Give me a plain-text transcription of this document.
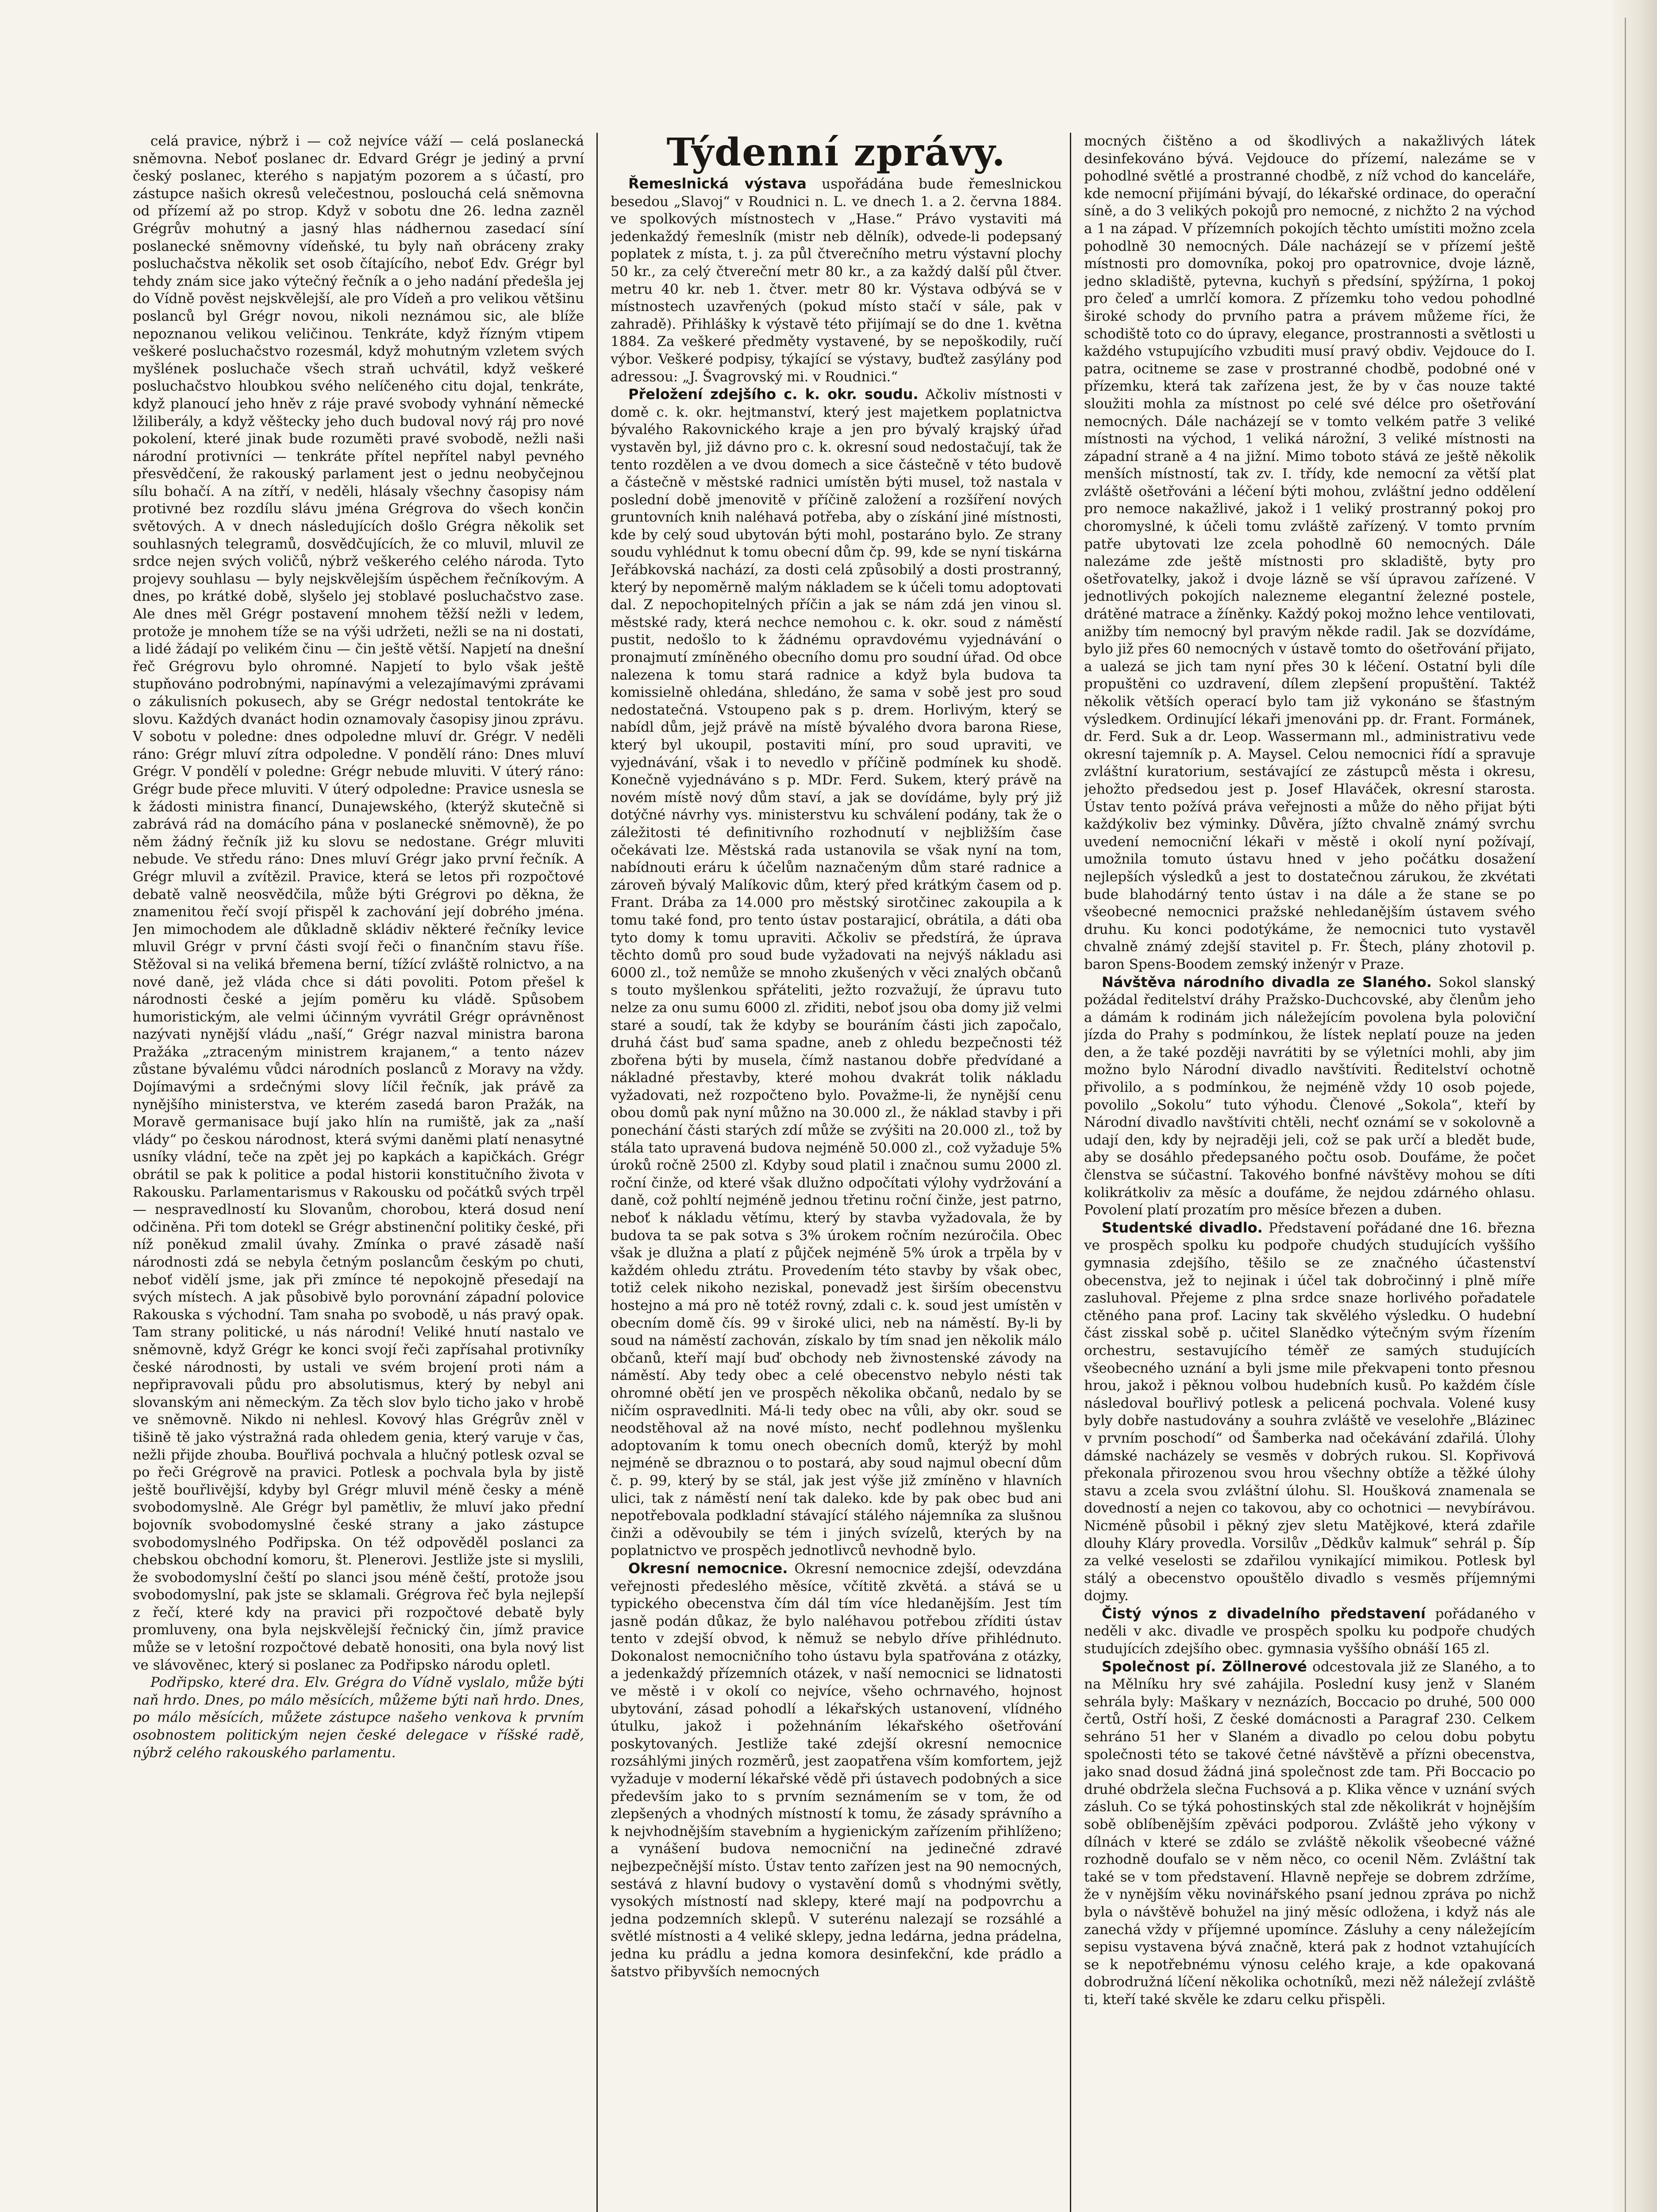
celá pravice, nýbrž i — což nejvíce váží — celá poslanecká sněmovna. Neboť poslanec dr. Edvard Grégr je jediný a první český poslanec, kterého s napjatým pozorem a s účastí, pro zástupce našich okresů velečestnou, poslouchá celá sněmovna od přízemí až po strop. Když v sobotu dne 26. ledna zazněl Grégrův mohutný a jasný hlas nádhernou zasedací síní poslanecké sněmovny vídeňské, tu byly naň obráceny zraky posluchačstva několik set osob čítajícího, neboť Edv. Grégr byl tehdy znám sice jako výtečný řečník a o jeho nadání předešla jej do Vídně pověst nejskvělejší, ale pro Vídeň a pro velikou většinu poslanců byl Grégr novou, nikoli neznámou sic, ale blíže nepoznanou velikou veličinou. Tenkráte, když řízným vtipem veškeré posluchačstvo rozesmál, když mohutným vzletem svých myšlének posluchače všech straň uchvátil, když veškeré posluchačstvo hloubkou svého nelíčeného citu dojal, tenkráte, když planoucí jeho hněv z ráje pravé svobody vyhnání německé lžiliberály, a když věštecky jeho duch budoval nový ráj pro nové pokolení, které jinak bude rozuměti pravé svobodě, nežli naši národní protivníci — tenkráte přítel nepřítel nabyl pevného přesvědčení, že rakouský parlament jest o jednu neobyčejnou sílu bohačí. A na zítří, v neděli, hlásaly všechny časopisy nám protivné bez rozdílu slávu jména Grégrova do všech končin světových. A v dnech následujících došlo Grégra několik set souhlasných telegramů, dosvědčujících, že co mluvil, mluvil ze srdce nejen svých voličů, nýbrž veškerého celého národa. Tyto projevy souhlasu — byly nejskvělejším úspěchem řečníkovým. A dnes, po krátké době, slyšelo jej stoblavé posluchačstvo zase. Ale dnes měl Grégr postavení mnohem těžší nežli v ledem, protože je mnohem tíže se na výši udržeti, nežli se na ni dostati, a lidé žádají po velikém činu — čin ještě větší. Napjetí na dnešní řeč Grégrovu bylo ohromné. Napjetí to bylo však ještě stupňováno podrobnými, napínavými a velezajímavými zprávami o zákulisních pokusech, aby se Grégr nedostal tentokráte ke slovu. Každých dvanáct hodin oznamovaly časopisy jinou zprávu. V sobotu v poledne: dnes odpoledne mluví dr. Grégr. V neděli ráno: Grégr mluví zítra odpoledne. V pondělí ráno: Dnes mluví Grégr. V pondělí v poledne: Grégr nebude mluviti. V úterý ráno: Grégr bude přece mluviti. V úterý odpoledne: Pravice usnesla se k žádosti ministra financí, Dunajewského, (kterýž skutečně si zabrává rád na domácího pána v poslanecké sněmovně), že po něm žádný řečník již ku slovu se nedostane. Grégr mluviti nebude. Ve středu ráno: Dnes mluví Grégr jako první řečník. A Grégr mluvil a zvítězil. Pravice, která se letos při rozpočtové debatě valně neosvědčila, může býti Grégrovi po děkna, že znamenitou řečí svojí přispěl k zachování její dobrého jména. Jen mimochodem ale důkladně skládiv některé řečníky levice mluvil Grégr v první části svojí řeči o finančním stavu říše. Stěžoval si na veliká břemena berní, tížící zvláště rolnictvo, a na nové daně, jež vláda chce si dáti povoliti. Potom přešel k národnosti české a jejím poměru ku vládě. Spůsobem humoristickým, ale velmi účinným vyvrátil Grégr oprávněnost nazývati nynější vládu „naší,“ Grégr nazval ministra barona Pražáka „ztraceným ministrem krajanem,“ a tento název zůstane bývalému vůdci národních poslanců z Moravy na vždy. Dojímavými a srdečnými slovy líčil řečník, jak právě za nynějšího ministerstva, ve kterém zasedá baron Pražák, na Moravě germanisace bují jako hlín na rumiště, jak za „naší vlády“ po českou národnost, která svými daněmi platí nenasytné usníky vládní, teče na zpět jej po kapkách a kapičkách. Grégr obrátil se pak k politice a podal historii konstitučního života v Rakousku. Parlamentarismus v Rakousku od počátků svých trpěl — nespravedlností ku Slovanům, chorobou, která dosud není odčiněna. Při tom dotekl se Grégr abstinenční politiky české, při níž poněkud zmalil úvahy. Zmínka o pravé zásadě naší národnosti zdá se nebyla četným poslancům českým po chuti, neboť vidělí jsme, jak při zmínce té nepokojně přesedají na svých místech. A jak působivě bylo porovnání západní polovice Rakouska s východní. Tam snaha po svobodě, u nás pravý opak. Tam strany politické, u nás národní! Veliké hnutí nastalo ve sněmovně, když Grégr ke konci svojí řeči zapřísahal protivníky české národnosti, by ustali ve svém brojení proti nám a nepřipravovali půdu pro absolutismus, který by nebyl ani slovanským ani německým. Za těch slov bylo ticho jako v hrobě ve sněmovně. Nikdo ni nehlesl. Kovový hlas Grégrův zněl v tišině tě jako výstražná rada ohledem genia, který varuje v čas, nežli přijde zhouba. Bouřlivá pochvala a hlučný potlesk ozval se po řeči Grégrově na pravici. Potlesk a pochvala byla by jistě ještě bouřlivější, kdyby byl Grégr mluvil méně česky a méně svobodomyslně. Ale Grégr byl pamětliv, že mluví jako přední bojovník svobodomyslné české strany a jako zástupce svobodomyslného Podřipska. On též odpověděl poslanci za chebskou obchodní komoru, št. Plenerovi. Jestliže jste si myslili, že svobodomyslní čeští po slanci jsou méně čeští, protože jsou svobodomyslní, pak jste se sklamali. Grégrova řeč byla nejlepší z řečí, které kdy na pravici při rozpočtové debatě byly promluveny, ona byla nejskvělejší řečnický čin, jímž pravice může se v letošní rozpočtové debatě honositi, ona byla nový list ve slávověnec, který si poslanec za Podřipsko národu opletl.

Podřipsko, které dra. Elv. Grégra do Vídně vyslalo, může býti naň hrdo. Dnes, po málo měsících, můžeme býti naň hrdo. Dnes, po málo měsících, můžete zástupce našeho venkova k prvním osobnostem politickým nejen české delegace v říšské radě, nýbrž celého rakouského parlamentu.

Týdenní zprávy.

Řemeslnická výstava uspořádána bude řemeslnickou besedou „Slavoj“ v Roudnici n. L. ve dnech 1. a 2. června 1884. ve spolkových místnostech v „Hase.“ Právo vystaviti má jedenkaždý řemeslník (mistr neb dělník), odvede-li podepsaný poplatek z místa, t. j. za půl čtverečního metru výstavní plochy 50 kr., za celý čtvereční metr 80 kr., a za každý další půl čtver. metru 40 kr. neb 1. čtver. metr 80 kr. Výstava odbývá se v místnostech uzavřených (pokud místo stačí v sále, pak v zahradě). Přihlášky k výstavě této přijímají se do dne 1. května 1884. Za veškeré předměty vystavené, by se nepoškodily, ručí výbor. Veškeré podpisy, týkající se výstavy, buďtež zasýlány pod adressou: „J. Švagrovský mi. v Roudnici.“

Přeložení zdejšího c. k. okr. soudu. Ačkoliv místnosti v domě c. k. okr. hejtmanství, který jest majetkem poplatnictva bývalého Rakovnického kraje a jen pro bývalý krajský úřad vystavěn byl, již dávno pro c. k. okresní soud nedostačují, tak že tento rozdělen a ve dvou domech a sice částečně v této budově a částečně v městské radnici umístěn býti musel, tož nastala v poslední době jmenovitě v příčině založení a rozšíření nových gruntovních knih naléhavá potřeba, aby o získání jiné místnosti, kde by celý soud ubytován býti mohl, postaráno bylo. Ze strany soudu vyhlédnut k tomu obecní dům čp. 99, kde se nyní tiskárna Jeřábkovská nachází, za dosti celá způsobilý a dosti prostranný, který by nepoměrně malým nákladem se k účeli tomu adoptovati dal. Z nepochopitelných příčin a jak se nám zdá jen vinou sl. městské rady, která nechce nemohou c. k. okr. soud z náměstí pustit, nedošlo to k žádnému opravdovému vyjednávání o pronajmutí zmíněného obecního domu pro soudní úřad. Od obce nalezena k tomu stará radnice a když byla budova ta komissielně ohledána, shledáno, že sama v sobě jest pro soud nedostatečná. Vstoupeno pak s p. drem. Horlivým, který se nabídl dům, jejž právě na místě bývalého dvora barona Riese, který byl ukoupil, postaviti míní, pro soud upraviti, ve vyjednávání, však i to nevedlo v příčině podmínek ku shodě. Konečně vyjednáváno s p. MDr. Ferd. Sukem, který právě na novém místě nový dům staví, a jak se dovídáme, byly prý již dotýčné návrhy vys. ministerstvu ku schválení podány, tak že o záležitosti té definitivního rozhodnutí v nejbližším čase očekávati lze. Městská rada ustanovila se však nyní na tom, nabídnouti eráru k účelům naznačeným dům staré radnice a zároveň bývalý Malíkovic dům, který před krátkým časem od p. Frant. Drába za 14.000 pro městský sirotčinec zakoupila a k tomu také fond, pro tento ústav postarajicí, obrátila, a dáti oba tyto domy k tomu upraviti. Ačkoliv se předstírá, že úprava těchto domů pro soud bude vyžadovati na nejvýš nákladu asi 6000 zl., tož nemůže se mnoho zkušených v věci znalých občanů s touto myšlenkou spřáteliti, ježto rozvažují, že úpravu tuto nelze za onu sumu 6000 zl. zřiditi, neboť jsou oba domy již velmi staré a soudí, tak že kdyby se bouráním části jich započalo, druhá část buď sama spadne, aneb z ohledu bezpečnosti též zbořena býti by musela, čímž nastanou dobře předvídané a nákladné přestavby, které mohou dvakrát tolik nákladu vyžadovati, než rozpočteno bylo. Považme-li, že nynější cenu obou domů pak nyní můžno na 30.000 zl., že náklad stavby i při ponechání části starých zdí může se zvýšiti na 20.000 zl., tož by stála tato upravená budova nejméně 50.000 zl., což vyžaduje 5% úroků ročně 2500 zl. Kdyby soud platil i značnou sumu 2000 zl. roční činže, od které však dlužno odpočítati výlohy vydržování a daně, což pohltí nejméně jednou třetinu roční činže, jest patrno, neboť k nákladu větímu, který by stavba vyžadovala, že by budova ta se pak sotva s 3% úrokem ročním nezúročila. Obec však je dlužna a platí z půjček nejméně 5% úrok a trpěla by v každém ohledu ztrátu. Provedením této stavby by však obec, totiž celek nikoho neziskal, ponevadž jest širším obecenstvu hostejno a má pro ně totéž rovný, zdali c. k. soud jest umístěn v obecním domě čís. 99 v široké ulici, neb na náměstí. By-li by soud na náměstí zachován, získalo by tím snad jen několik málo občanů, kteří mají buď obchody neb živnostenské závody na náměstí. Aby tedy obec a celé obecenstvo nebylo nésti tak ohromné obětí jen ve prospěch několika občanů, nedalo by se ničím ospravedlniti. Má-li tedy obec na vůli, aby okr. soud se neodstěhoval až na nové místo, nechť podlehnou myšlenku adoptovaním k tomu onech obecních domů, kterýž by mohl nejméně se dbraznou o to postará, aby soud najmul obecní dům č. p. 99, který by se stál, jak jest výše již zmíněno v hlavních ulici, tak z náměstí není tak daleko. kde by pak obec bud ani nepotřebovala podkladní stávající stálého nájemníka za slušnou činži a oděvoubily se tém i jiných svízelů, kterých by na poplatnictvo ve prospěch jednotlivců nevhodně bylo.

Okresní nemocnice. Okresní nemocnice zdejší, odevzdána veřejnosti předeslého měsíce, včítitě zkvětá. a stává se u typického obecenstva čím dál tím více hledanějším. Jest tím jasně podán důkaz, že bylo naléhavou potřebou zříditi ústav tento v zdejší obvod, k němuž se nebylo dříve přihlédnuto. Dokonalost nemocničního toho ústavu byla spatřována z otázky, a jedenkaždý přízemních otázek, v naší nemocnici se lidnatosti ve městě i v okolí co nejvíce, všeho ochrnavého, hojnost ubytování, zásad pohodlí a lékařských ustanovení, vlídného útulku, jakož i požehnáním lékařského ošetřování poskytovaných. Jestliže také zdejší okresní nemocnice rozsáhlými jiných rozměrů, jest zaopatřena vším komfortem, jejž vyžaduje v moderní lékařské vědě při ústavech podobných a sice především jako to s prvním seznámením se v tom, že od zlepšených a vhodných místností k tomu, že zásady správního a k nejvhodnějším stavebním a hygienickým zařízením přihlíženo; a vynášení budova nemocniční na jedinečné zdravé nejbezpečnější místo. Ústav tento zařízen jest na 90 nemocných, sestává z hlavní budovy o vystavění domů s vhodnými světly, vysokých místností nad sklepy, které mají na podpovrchu a jedna podzemních sklepů. V suterénu nalezají se rozsáhlé a světlé místnosti a 4 veliké sklepy, jedna ledárna, jedna prádelna, jedna ku prádlu a jedna komora desinfekční, kde prádlo a šatstvo přibyvších nemocných

mocných čištěno a od škodlivých a nakažlivých látek desinfekováno bývá. Vejdouce do přízemí, nalezáme se v pohodlné světlé a prostranné chodbě, z níž vchod do kanceláře, kde nemocní přijímáni bývají, do lékařské ordinace, do operační síně, a do 3 velikých pokojů pro nemocné, z nichžto 2 na východ a 1 na západ. V přízemních pokojích těchto umístiti možno zcela pohodlně 30 nemocných. Dále nacházejí se v přízemí ještě místnosti pro domovníka, pokoj pro opatrovnice, dvoje lázně, jedno skladiště, pytevna, kuchyň s předsíní, spýžírna, 1 pokoj pro čeleď a umrlčí komora. Z přízemku toho vedou pohodlné široké schody do prvního patra a právem můžeme říci, že schodiště toto co do úpravy, elegance, prostrannosti a světlosti u každého vstupujícího vzbuditi musí pravý obdiv. Vejdouce do I. patra, ocitneme se zase v prostranné chodbě, podobné oné v přízemku, která tak zařízena jest, že by v čas nouze takté sloužiti mohla za místnost po celé své délce pro ošetřování nemocných. Dále nacházejí se v tomto velkém patře 3 veliké místnosti na východ, 1 veliká nárožní, 3 veliké místnosti na západní straně a 4 na jižní. Mimo toboto stává ze ještě několik menších místností, tak zv. I. třídy, kde nemocní za větší plat zvláště ošetřováni a léčení býti mohou, zvláštní jedno oddělení pro nemoce nakažlivé, jakož i 1 veliký prostranný pokoj pro choromyslné, k účeli tomu zvláště zařízený. V tomto prvním patře ubytovati lze zcela pohodlně 60 nemocných. Dále nalezáme zde ještě místnosti pro skladiště, byty pro ošetřovatelky, jakož i dvoje lázně se vší úpravou zařízené. V jednotlivých pokojích nalezneme elegantní železné postele, drátěné matrace a žíněnky. Každý pokoj možno lehce ventilovati, anižby tím nemocný byl pravým někde radil. Jak se dozvídáme, bylo již přes 60 nemocných v ústavě tomto do ošetřování přijato, a ualezá se jich tam nyní přes 30 k léčení. Ostatní byli díle propuštěni co uzdravení, dílem zlepšení propuštění. Taktéž několik větších operací bylo tam již vykonáno se šťastným výsledkem. Ordinující lékaři jmenováni pp. dr. Frant. Formánek, dr. Ferd. Suk a dr. Leop. Wassermann ml., administrativu vede okresní tajemník p. A. Maysel. Celou nemocnici řídí a spravuje zvláštní kuratorium, sestávající ze zástupců města i okresu, jehožto předsedou jest p. Josef Hlaváček, okresní starosta. Ústav tento požívá práva veřejnosti a může do něho přijat býti každýkoliv bez výminky. Důvěra, jížto chvalně známý svrchu uvedení nemocniční lékaři v městě i okolí nyní požívají, umožnila tomuto ústavu hned v jeho počátku dosažení nejlepších výsledků a jest to dostatečnou zárukou, že zkvétati bude blahodárný tento ústav i na dále a že stane se po všeobecné nemocnici pražské nehledanějším ústavem svého druhu. Ku konci podotýkáme, že nemocnici tuto vystavěl chvalně známý zdejší stavitel p. Fr. Štech, plány zhotovil p. baron Spens-Boodem zemský inženýr v Praze.

Návštěva národního divadla ze Slaného. Sokol slanský požádal ředitelství dráhy Pražsko-Duchcovské, aby členům jeho a dámám k rodinám jich náležejícím povolena byla poloviční jízda do Prahy s podmínkou, že lístek neplatí pouze na jeden den, a že také později navrátiti by se výletníci mohli, aby jim možno bylo Národní divadlo navštíviti. Ředitelství ochotně přivolilo, a s podmínkou, že nejméně vždy 10 osob pojede, povolilo „Sokolu“ tuto výhodu. Členové „Sokola“, kteří by Národní divadlo navštíviti chtěli, nechť oznámí se v sokolovně a udají den, kdy by nejraději jeli, což se pak určí a bledět bude, aby se dosáhlo předepsaného počtu osob. Doufáme, že počet členstva se súčastní. Takového bonfné návštěvy mohou se díti kolikrátkoliv za měsíc a doufáme, že nejdou zdárného ohlasu. Povolení platí prozatím pro měsíce březen a duben.

Studentské divadlo. Představení pořádané dne 16. března ve prospěch spolku ku podpoře chudých studujících vyššího gymnasia zdejšího, těšilo se ze značného účastenství obecenstva, jež to nejinak i účel tak dobročinný i plně míře zasluhoval. Přejeme z plna srdce snaze horlivého pořadatele ctěného pana prof. Laciny tak skvělého výsledku. O hudební část zisskal sobě p. učitel Slanědko výtečným svým řízením orchestru, sestavujícího téměř ze samých studujících všeobecného uznání a byli jsme mile překvapeni tonto přesnou hrou, jakož i pěknou volbou hudebních kusů. Po každém čísle následoval bouřlivý potlesk a pelicená pochvala. Volené kusy byly dobře nastudovány a souhra zvláště ve veselohře „Blázinec v prvním poschodí“ od Šamberka nad očekávání zdařilá. Úlohy dámské nacházely se vesměs v dobrých rukou. Sl. Kopřivová překonala přirozenou svou hrou všechny obtíže a těžké úlohy stavu a zcela svou zvláštní úlohu. Sl. Houšková znamenala se dovedností a nejen co takovou, aby co ochotnici — nevybírávou. Nicméně působil i pěkný zjev sletu Matějkové, která zdařile dlouhy Kláry provedla. Vorsilův „Dědkův kalmuk“ sehrál p. Šíp za velké veselosti se zdařilou vynikající mimikou. Potlesk byl stálý a obecenstvo opouštělo divadlo s vesměs příjemnými dojmy.

Čistý výnos z divadelního představení pořádaného v neděli v akc. divadle ve prospěch spolku ku podpoře chudých studujících zdejšího obec. gymnasia vyššího obnáší 165 zl.

Společnost pí. Zöllnerové odcestovala již ze Slaného, a to na Mělníku hry své zahájila. Poslední kusy jenž v Slaném sehrála byly: Maškary v neznázích, Boccacio po druhé, 500 000 čertů, Ostří hoši, Z české domácnosti a Paragraf 230. Celkem sehráno 51 her v Slaném a divadlo po celou dobu pobytu společnosti této se takové četné návštěvě a přízni obecenstva, jako snad dosud žádná jiná společnost zde tam. Při Boccacio po druhé obdržela slečna Fuchsová a p. Klika věnce v uznání svých zásluh. Co se týká pohostinských stal zde několikrát v hojnějším sobě oblíbenějším zpěváci podporou. Zvláště jeho výkony v dílnách v které se zdálo se zvláště několik všeobecné vážné rozhodně doufalo se v něm něco, co ocenil Něm. Zvláštní tak také se v tom představení. Hlavně nepřeje se dobrem zdržíme, že v nynějším věku novinářského psaní jednou zpráva po nichž byla o návštěvě bohužel na jiný měsíc odložena, i když nás ale zanechá vždy v příjemné upomínce. Zásluhy a ceny náležejícím sepisu vystavena bývá značně, která pak z hodnot vztahujících se k nepotřebnému výnosu celého kraje, a kde opakovaná dobrodružná líčení několika ochotníků, mezi něž náležejí zvláště ti, kteří také skvěle ke zdaru celku přispěli.
